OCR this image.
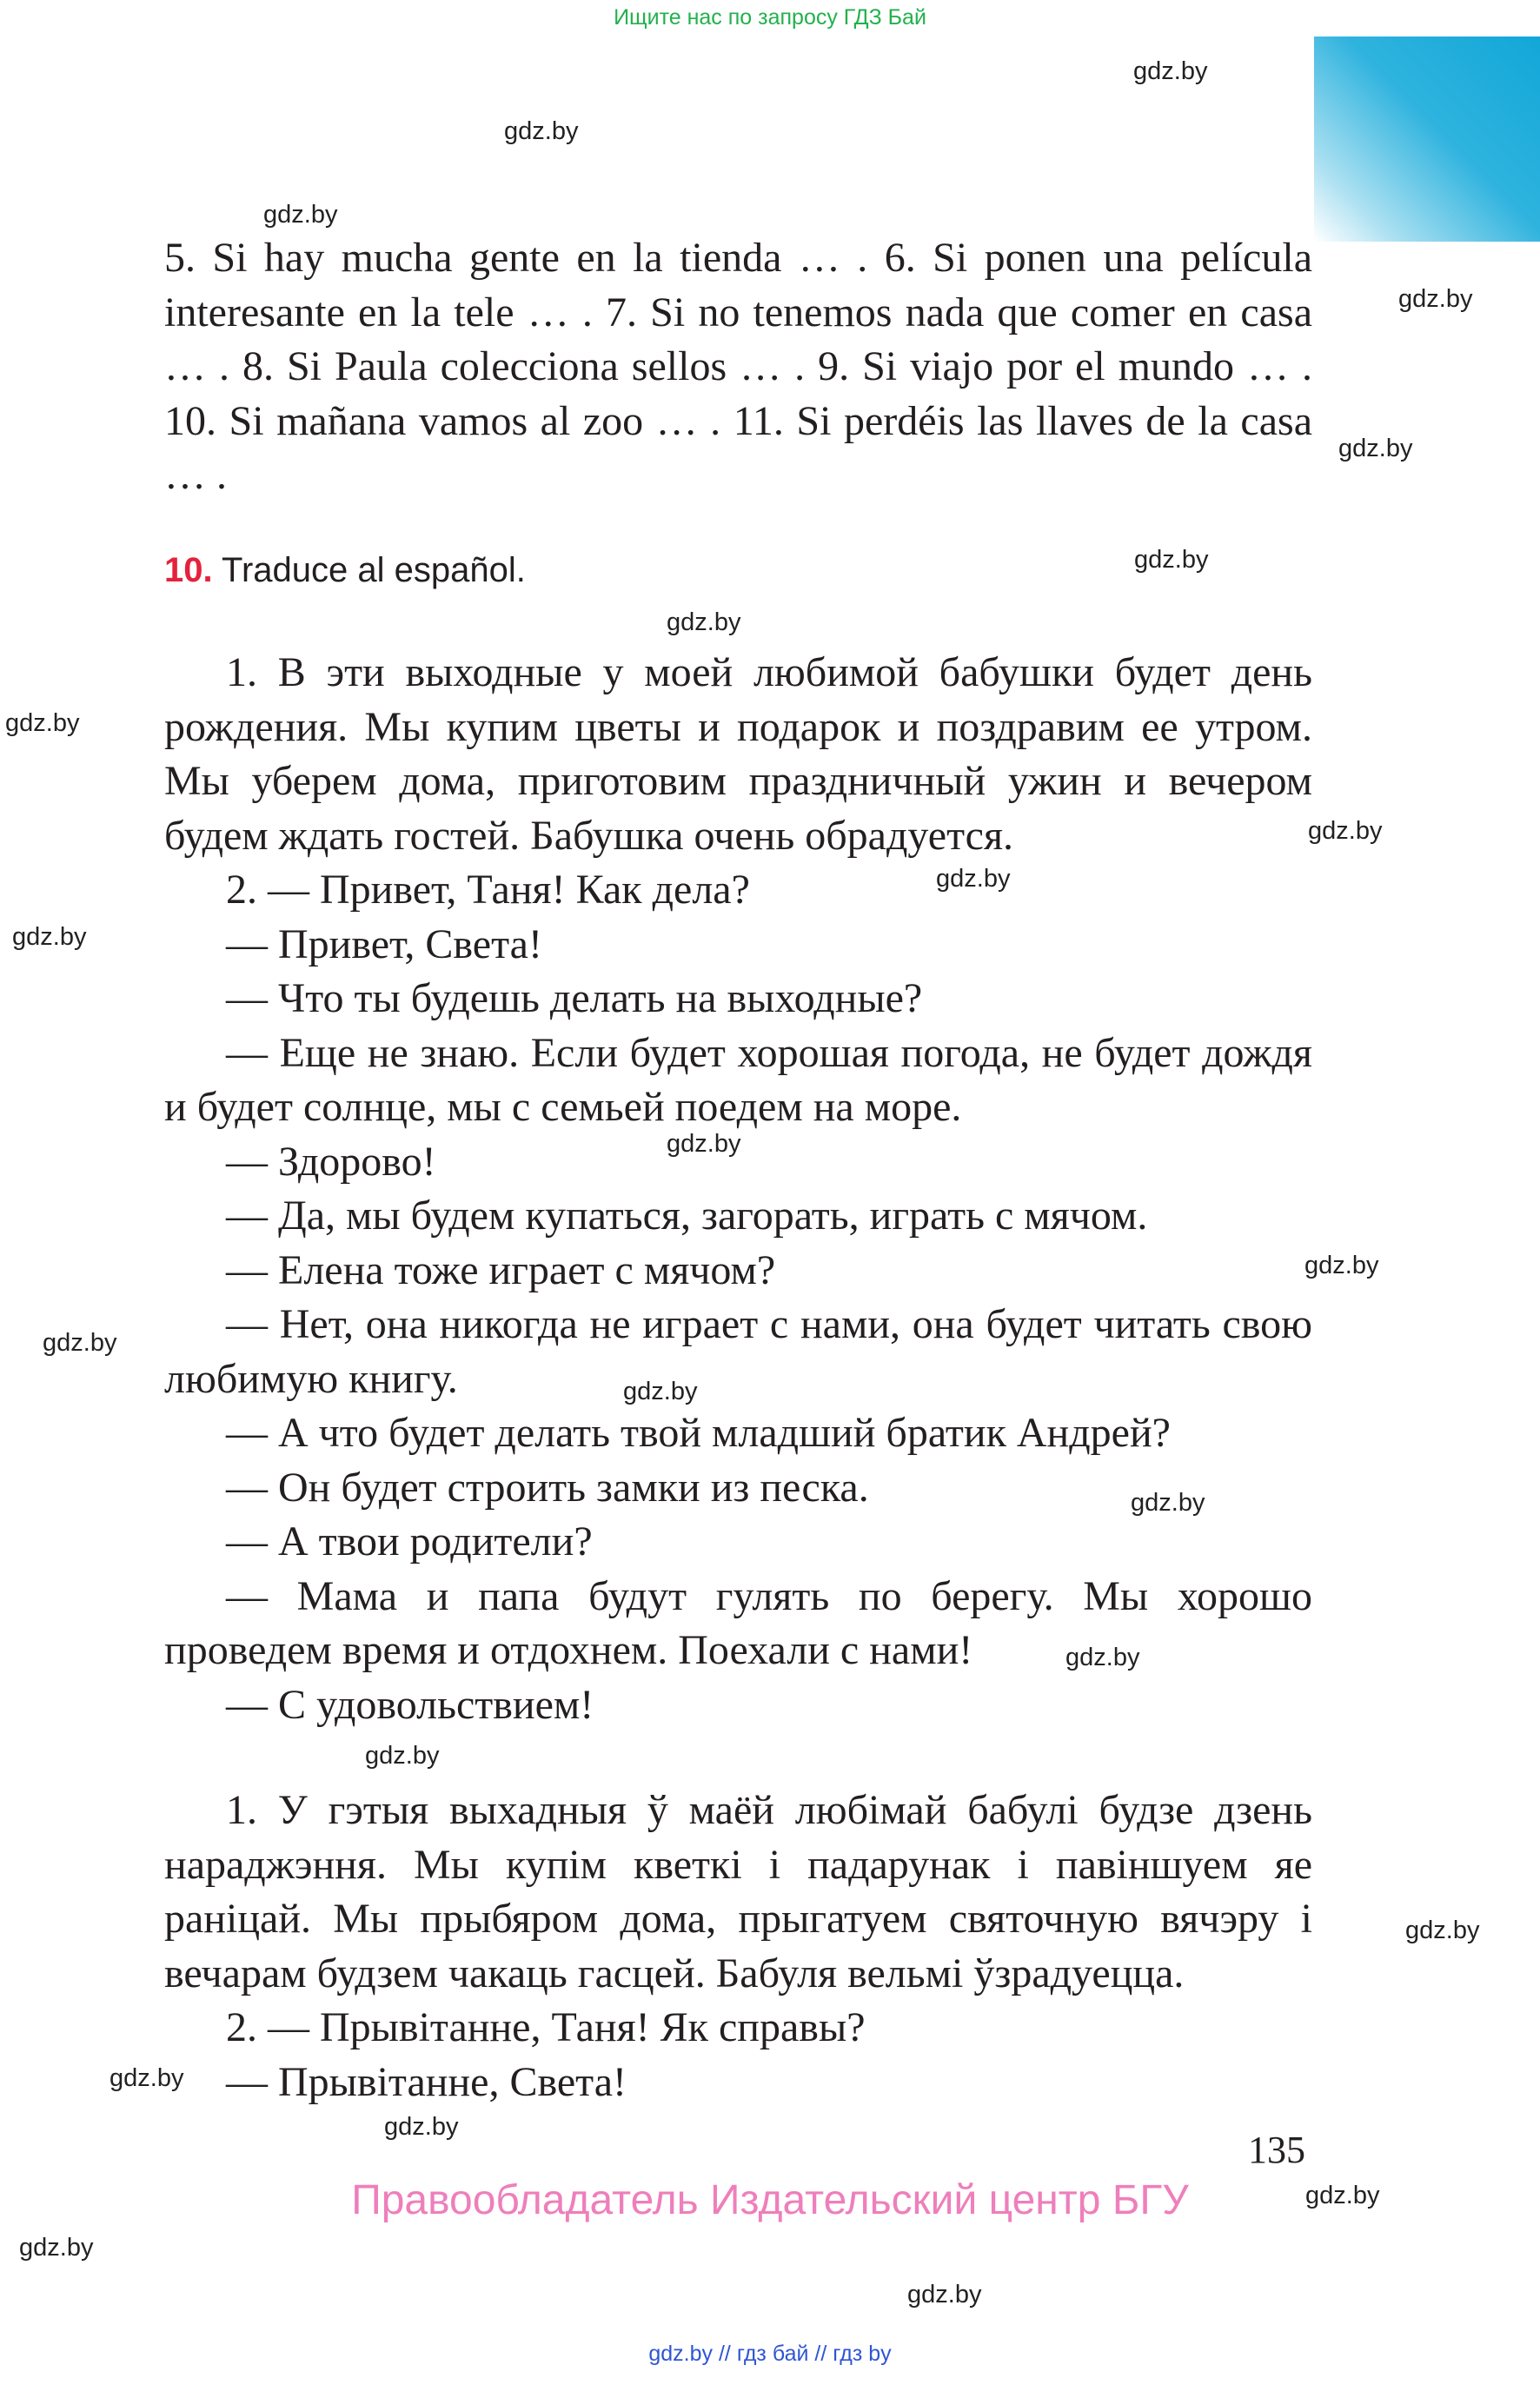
Ищите нас по запросу ГДЗ Бай
gdz.by
gdz.by
gdz.by
gdz.by
gdz.by
gdz.by
gdz.by
gdz.by
gdz.by
gdz.by
gdz.by
gdz.by
gdz.by
gdz.by
gdz.by
gdz.by
gdz.by
gdz.by
gdz.by
gdz.by
gdz.by
gdz.by
gdz.by
gdz.by

5. Si hay mucha gente en la tienda … . 6. Si ponen una película interesante en la tele … . 7. Si no tenemos nada que comer en casa … . 8. Si Paula colecciona sellos … . 9. Si viajo por el mundo … . 10. Si mañana vamos al zoo … . 11. Si perdéis las llaves de la casa … .

10. Traduce al español.

1. В эти выходные у моей любимой бабушки будет день рождения. Мы купим цветы и подарок и поздравим ее утром. Мы уберем дома, приготовим праздничный ужин и вечером будем ждать гостей. Бабушка очень обрадуется.

2. — Привет, Таня! Как дела?

— Привет, Света!

— Что ты будешь делать на выходные?

— Еще не знаю. Если будет хорошая погода, не будет дождя и будет солнце, мы с семьей поедем на море.

— Здорово!

— Да, мы будем купаться, загорать, играть с мячом.

— Елена тоже играет с мячом?

— Нет, она никогда не играет с нами, она будет читать свою любимую книгу.

— А что будет делать твой младший братик Андрей?

— Он будет строить замки из песка.

— А твои родители?

— Мама и папа будут гулять по берегу. Мы хорошо проведем время и отдохнем. Поехали с нами!

— С удовольствием!

1. У гэтыя выхадныя ў маёй любімай бабулі будзе дзень нараджэння. Мы купім кветкі і падарунак і павіншуем яе раніцай. Мы прыбяром дома, прыгатуем святочную вячэру і вечарам будзем чакаць гасцей. Бабуля вельмі ўзрадуецца.

2. — Прывітанне, Таня! Як справы?

— Прывітанне, Света!

135
Правообладатель Издательский центр БГУ
gdz.by // гдз бай // гдз by
